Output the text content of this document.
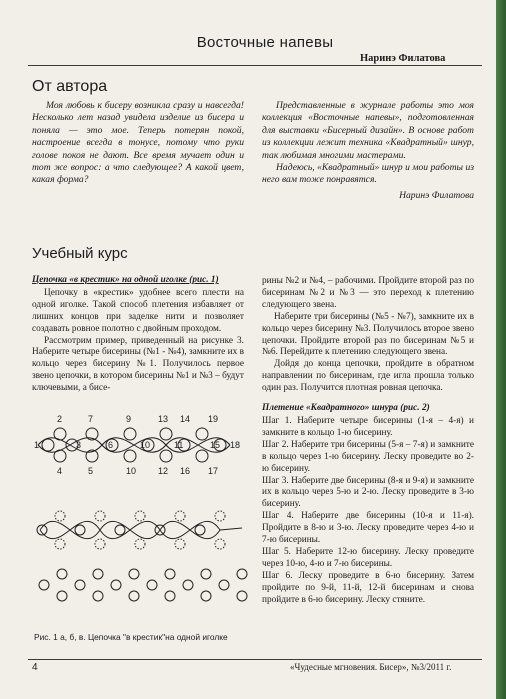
Восточные напевы
Наринэ Филатова
От автора

Моя любовь к бисеру возникла сразу и навсегда! Несколько лет назад увидела изделие из бисера и поняла — это мое. Теперь потерян покой, настроение всегда в тонусе, потому что руки голове покоя не дают. Все время мучает один и тот же вопрос: а что следующее? А какой цвет, какая форма?

Представленные в журнале работы это моя коллекция «Восточные напевы», подготовленная для выставки «Бисерный дизайн». В основе работ из коллекции лежит техника «Квадратный» шнур, так любимая многими мастерами.

Надеюсь, «Квадратный» шнур и мои работы из него вам тоже понравятся.

Наринэ Филатова

Учебный курс

Цепочка «в крестик» на одной иголке (рис. 1)

Цепочку в «крестик» удобнее всего плести на одной иголке. Такой способ плетения избавляет от лишних концов при заделке нити и позволяет создавать ровное полотно с двойным проходом.

Рассмотрим пример, приведенный на рисунке 3. Наберите четыре бисерины (№1 - №4), замкните их в кольцо через бисерину №1. Получилось первое звено цепочки, в котором бисерины №1 и №3 – будут ключевыми, а бисе-

рины №2 и №4, – рабочими. Пройдите второй раз по бисеринам №2 и №3 — это переход к плетению следующего звена.

Наберите три бисерины (№5 - №7), замкните их в кольцо через бисерину №3. Получилось второе звено цепочки. Пройдите второй раз по бисеринам №5 и №6. Перейдите к плетению следующего звена.

Дойдя до конца цепочки, пройдите в обратном направлении по бисеринам, где игла прошла только один раз. Получится плотная ровная цепочка.

Плетение «Квадратного» шнура (рис. 2)

Шаг 1. Наберите четыре бисерины (1-я – 4-я) и замкните в кольцо 1-ю бисерину.

Шаг 2. Наберите три бисерины (5-я – 7-я) и замкните в кольцо через 1-ю бисерину. Леску проведите во 2-ю бисерину.

Шаг 3. Наберите две бисерины (8-я и 9-я) и замкните их в кольцо через 5-ю и 2-ю. Леску проведите в 3-ю бисерину.

Шаг 4. Наберите две бисерины (10-я и 11-я). Пройдите в 8-ю и 3-ю. Леску проведите через 4-ю и 7-ю бисерины.

Шаг 5. Наберите 12-ю бисерину. Леску проведите через 10-ю, 4-ю и 7-ю бисерины.

Шаг 6. Леску проведите в 6-ю бисерину. Затем пройдите по 9-й, 11-й, 12-й бисеринам и снова пройдите в 6-ю бисерину. Леску стяните.

2	7	9	13 14 19
1	3	6	10	11	15 18
4	5	10 12 16 17
Рис. 1 а, б, в. Цепочка "в крестик"на одной иголке
4	«Чудесные мгновения. Бисер», №3/2011 г.
